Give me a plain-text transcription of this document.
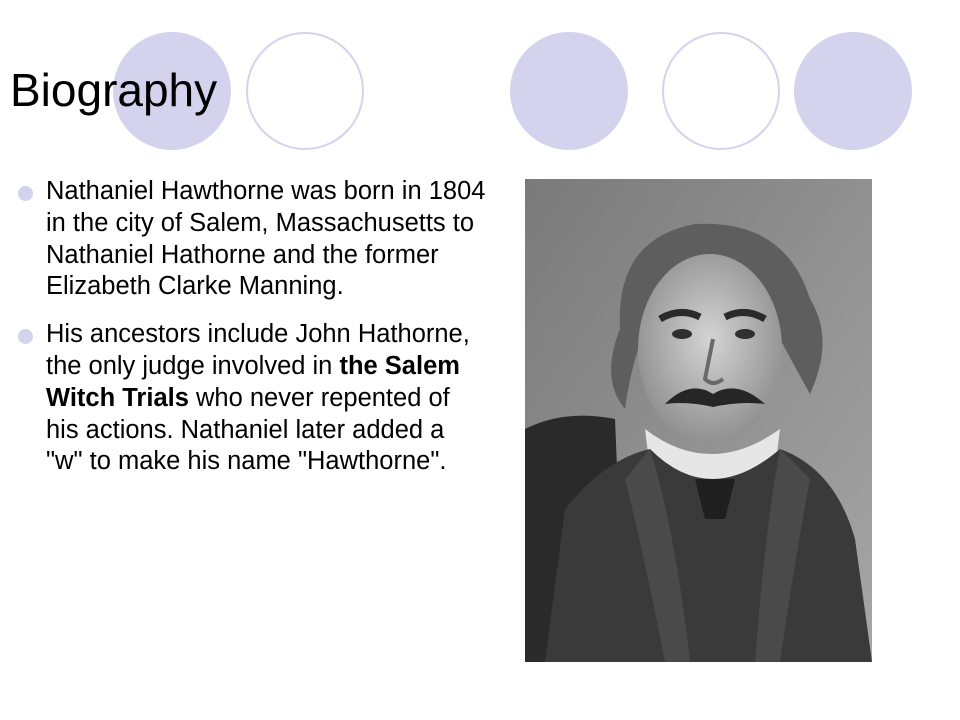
Biography
Nathaniel Hawthorne was born in 1804 in the city of Salem, Massachusetts to Nathaniel Hathorne and the former Elizabeth Clarke Manning.
His ancestors include John Hathorne, the only judge involved in the Salem Witch Trials who never repented of his actions. Nathaniel later added a "w" to make his name "Hawthorne".
